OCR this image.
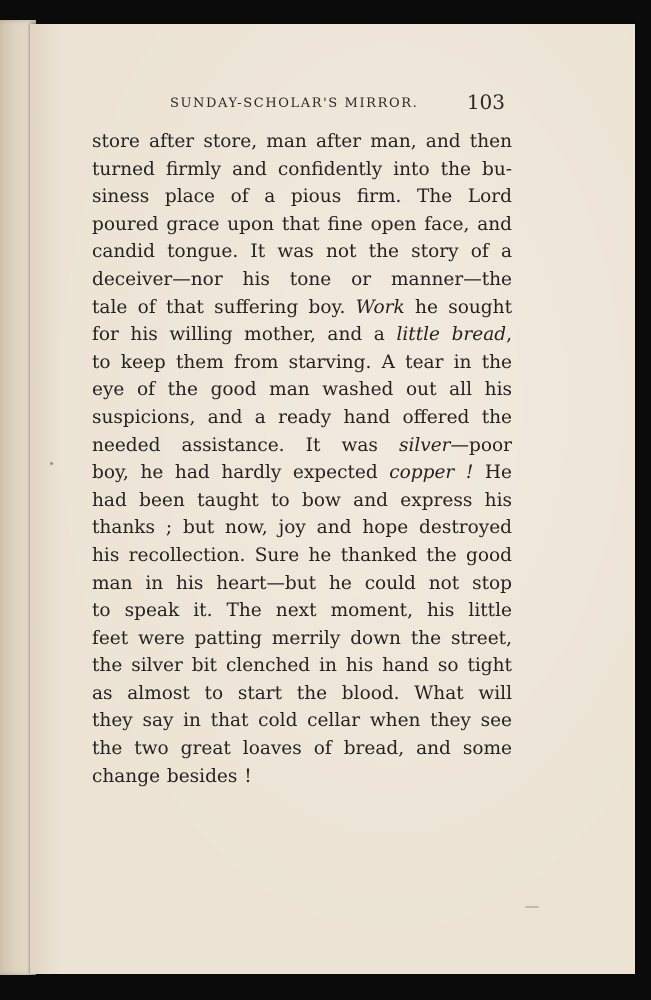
SUNDAY-SCHOLAR'S MIRROR. 103
store after store, man after man, and then
turned firmly and confidently into the bu-
siness place of a pious firm. The Lord
poured grace upon that fine open face, and
candid tongue. It was not the story of a
deceiver—nor his tone or manner—the
tale of that suffering boy. Work he sought
for his willing mother, and a little bread,
to keep them from starving. A tear in the
eye of the good man washed out all his
suspicions, and a ready hand offered the
needed assistance. It was silver—poor
boy, he had hardly expected copper ! He
had been taught to bow and express his
thanks ; but now, joy and hope destroyed
his recollection. Sure he thanked the good
man in his heart—but he could not stop
to speak it. The next moment, his little
feet were patting merrily down the street,
the silver bit clenched in his hand so tight
as almost to start the blood. What will
they say in that cold cellar when they see
the two great loaves of bread, and some
change besides !
